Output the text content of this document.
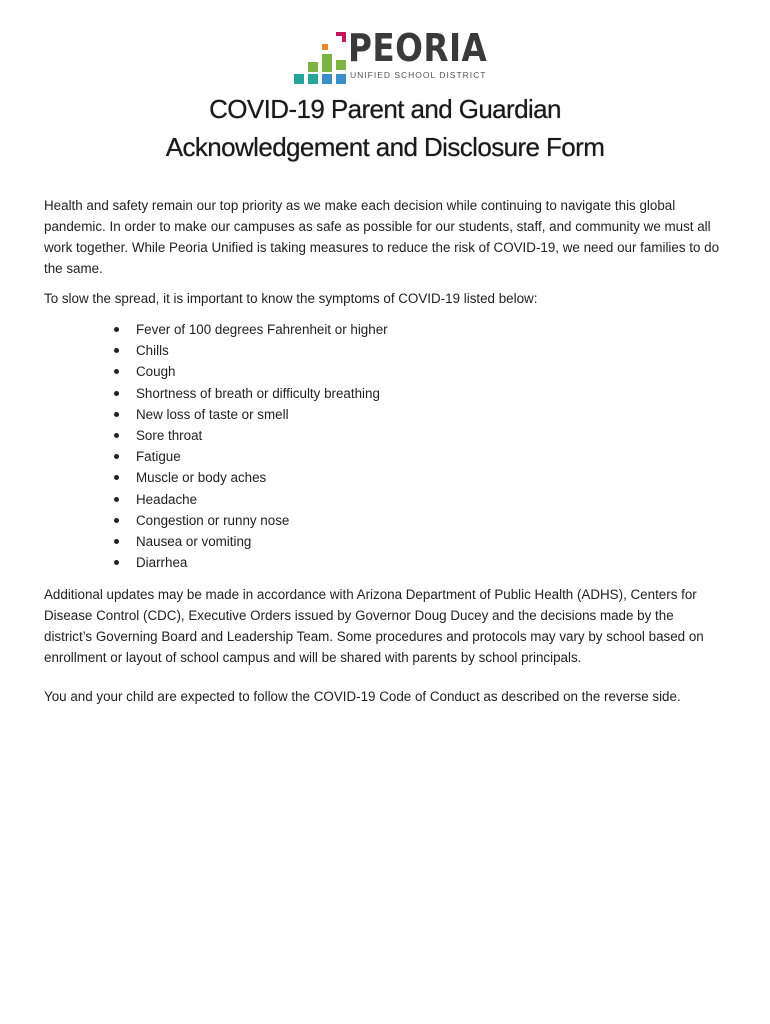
PEORIA
UNIFIED SCHOOL DISTRICT
COVID-19 Parent and Guardian
Acknowledgement and Disclosure Form

Health and safety remain our top priority as we make each decision while continuing to navigate this global pandemic. In order to make our campuses as safe as possible for our students, staff, and community we must all work together. While Peoria Unified is taking measures to reduce the risk of COVID-19, we need our families to do the same.

To slow the spread, it is important to know the symptoms of COVID-19 listed below:

Fever of 100 degrees Fahrenheit or higher
Chills
Cough
Shortness of breath or difficulty breathing
New loss of taste or smell
Sore throat
Fatigue
Muscle or body aches
Headache
Congestion or runny nose
Nausea or vomiting
Diarrhea

Additional updates may be made in accordance with Arizona Department of Public Health (ADHS), Centers for Disease Control (CDC), Executive Orders issued by Governor Doug Ducey and the decisions made by the district’s Governing Board and Leadership Team. Some procedures and protocols may vary by school based on enrollment or layout of school campus and will be shared with parents by school principals.

You and your child are expected to follow the COVID-19 Code of Conduct as described on the reverse side.
